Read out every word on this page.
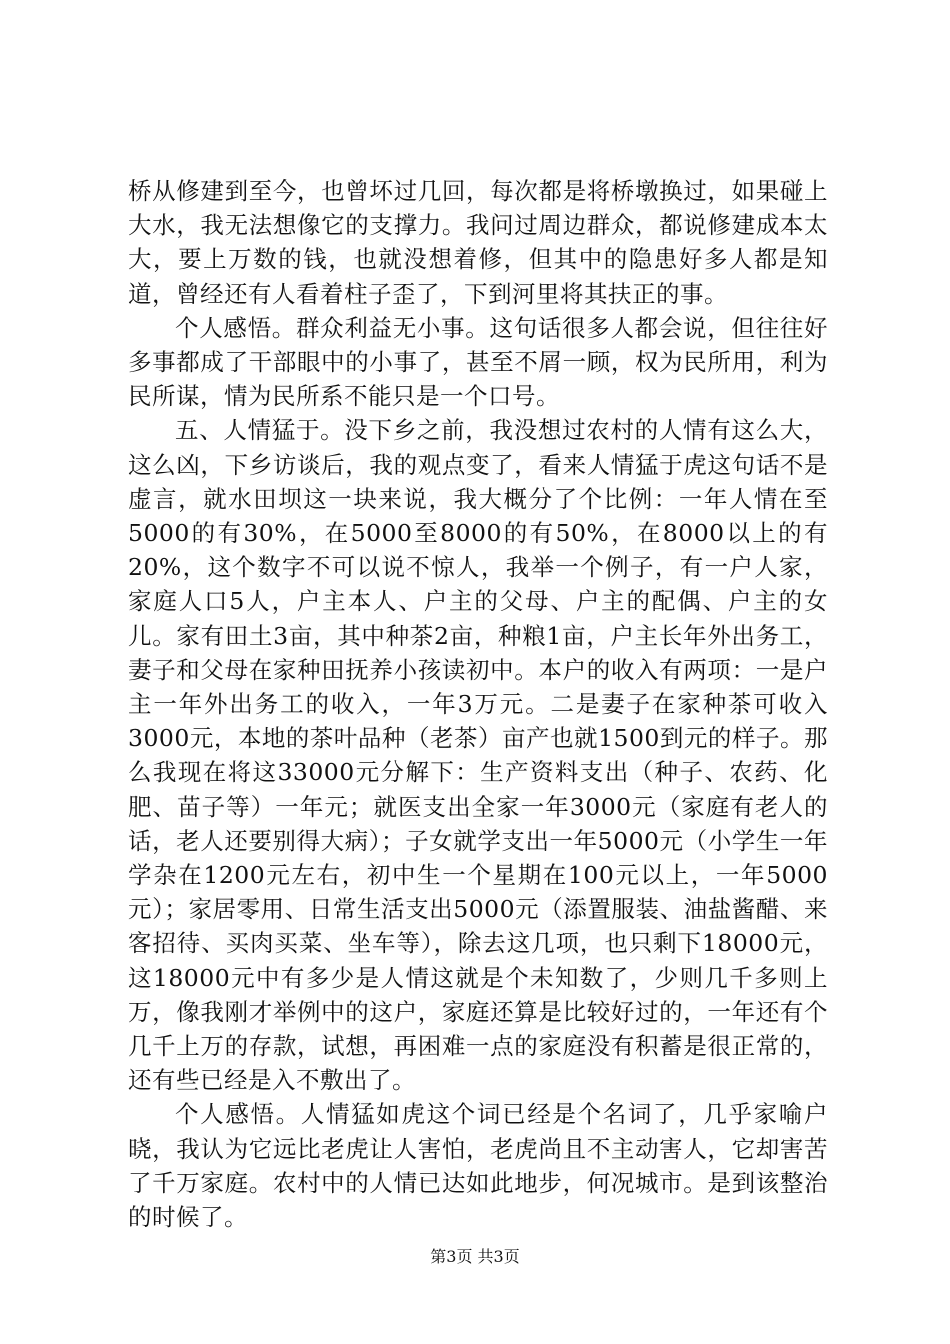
桥从修建到至今，也曾坏过几回，每次都是将桥墩换过，如果碰上大水，我无法想像它的支撑力。我问过周边群众，都说修建成本太大，要上万数的钱，也就没想着修，但其中的隐患好多人都是知道，曾经还有人看着柱子歪了，下到河里将其扶正的事。

个人感悟。群众利益无小事。这句话很多人都会说，但往往好多事都成了干部眼中的小事了，甚至不屑一顾，权为民所用，利为民所谋，情为民所系不能只是一个口号。

五、人情猛于。没下乡之前，我没想过农村的人情有这么大，这么凶，下乡访谈后，我的观点变了，看来人情猛于虎这句话不是虚言，就水田坝这一块来说，我大概分了个比例：一年人情在至5000的有30%，在5000至8000的有50%，在8000以上的有20%，这个数字不可以说不惊人，我举一个例子，有一户人家，家庭人口5人，户主本人、户主的父母、户主的配偶、户主的女儿。家有田土3亩，其中种茶2亩，种粮1亩，户主长年外出务工，妻子和父母在家种田抚养小孩读初中。本户的收入有两项：一是户主一年外出务工的收入，一年3万元。二是妻子在家种茶可收入3000元，本地的茶叶品种（老茶）亩产也就1500到元的样子。那么我现在将这33000元分解下：生产资料支出（种子、农药、化肥、苗子等）一年元；就医支出全家一年3000元（家庭有老人的话，老人还要别得大病）；子女就学支出一年5000元（小学生一年学杂在1200元左右，初中生一个星期在100元以上，一年5000元）；家居零用、日常生活支出5000元（添置服装、油盐酱醋、来客招待、买肉买菜、坐车等），除去这几项，也只剩下18000元，这18000元中有多少是人情这就是个未知数了，少则几千多则上万，像我刚才举例中的这户，家庭还算是比较好过的，一年还有个几千上万的存款，试想，再困难一点的家庭没有积蓄是很正常的，还有些已经是入不敷出了。

个人感悟。人情猛如虎这个词已经是个名词了，几乎家喻户晓，我认为它远比老虎让人害怕，老虎尚且不主动害人，它却害苦了千万家庭。农村中的人情已达如此地步，何况城市。是到该整治的时候了。

第3页 共3页
